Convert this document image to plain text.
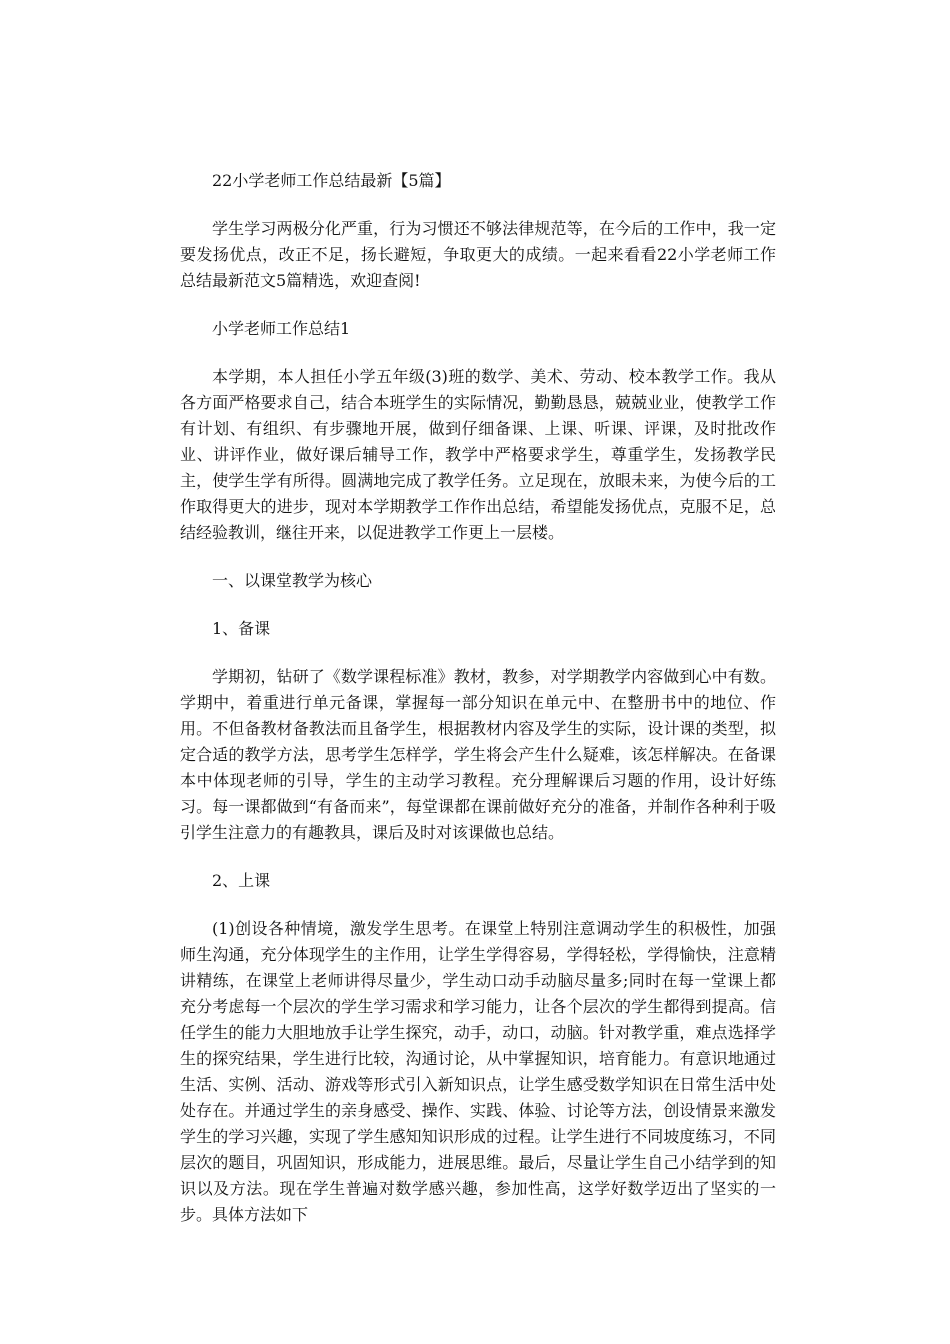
22小学老师工作总结最新【5篇】

学生学习两极分化严重，行为习惯还不够法律规范等，在今后的工作中，我一定要发扬优点，改正不足，扬长避短，争取更大的成绩。一起来看看22小学老师工作总结最新范文5篇精选，欢迎查阅!

小学老师工作总结1

本学期，本人担任小学五年级(3)班的数学、美术、劳动、校本教学工作。我从各方面严格要求自己，结合本班学生的实际情况，勤勤恳恳，兢兢业业，使教学工作有计划、有组织、有步骤地开展，做到仔细备课、上课、听课、评课，及时批改作业、讲评作业，做好课后辅导工作，教学中严格要求学生，尊重学生，发扬教学民主，使学生学有所得。圆满地完成了教学任务。立足现在，放眼未来，为使今后的工作取得更大的进步，现对本学期教学工作作出总结，希望能发扬优点，克服不足，总结经验教训，继往开来，以促进教学工作更上一层楼。

一、以课堂教学为核心

1、备课

学期初，钻研了《数学课程标准》教材，教参，对学期教学内容做到心中有数。学期中，着重进行单元备课，掌握每一部分知识在单元中、在整册书中的地位、作用。不但备教材备教法而且备学生，根据教材内容及学生的实际，设计课的类型，拟定合适的教学方法，思考学生怎样学，学生将会产生什么疑难，该怎样解决。在备课本中体现老师的引导，学生的主动学习教程。充分理解课后习题的作用，设计好练习。每一课都做到“有备而来”，每堂课都在课前做好充分的准备，并制作各种利于吸引学生注意力的有趣教具，课后及时对该课做也总结。

2、上课

(1)创设各种情境，激发学生思考。在课堂上特别注意调动学生的积极性，加强师生沟通，充分体现学生的主作用，让学生学得容易，学得轻松，学得愉快，注意精讲精练，在课堂上老师讲得尽量少，学生动口动手动脑尽量多;同时在每一堂课上都充分考虑每一个层次的学生学习需求和学习能力，让各个层次的学生都得到提高。信任学生的能力大胆地放手让学生探究，动手，动口，动脑。针对教学重，难点选择学生的探究结果，学生进行比较，沟通讨论，从中掌握知识，培育能力。有意识地通过生活、实例、活动、游戏等形式引入新知识点，让学生感受数学知识在日常生活中处处存在。并通过学生的亲身感受、操作、实践、体验、讨论等方法，创设情景来激发学生的学习兴趣，实现了学生感知知识形成的过程。让学生进行不同坡度练习，不同层次的题目，巩固知识，形成能力，进展思维。最后，尽量让学生自己小结学到的知识以及方法。现在学生普遍对数学感兴趣，参加性高，这学好数学迈出了坚实的一步。具体方法如下
